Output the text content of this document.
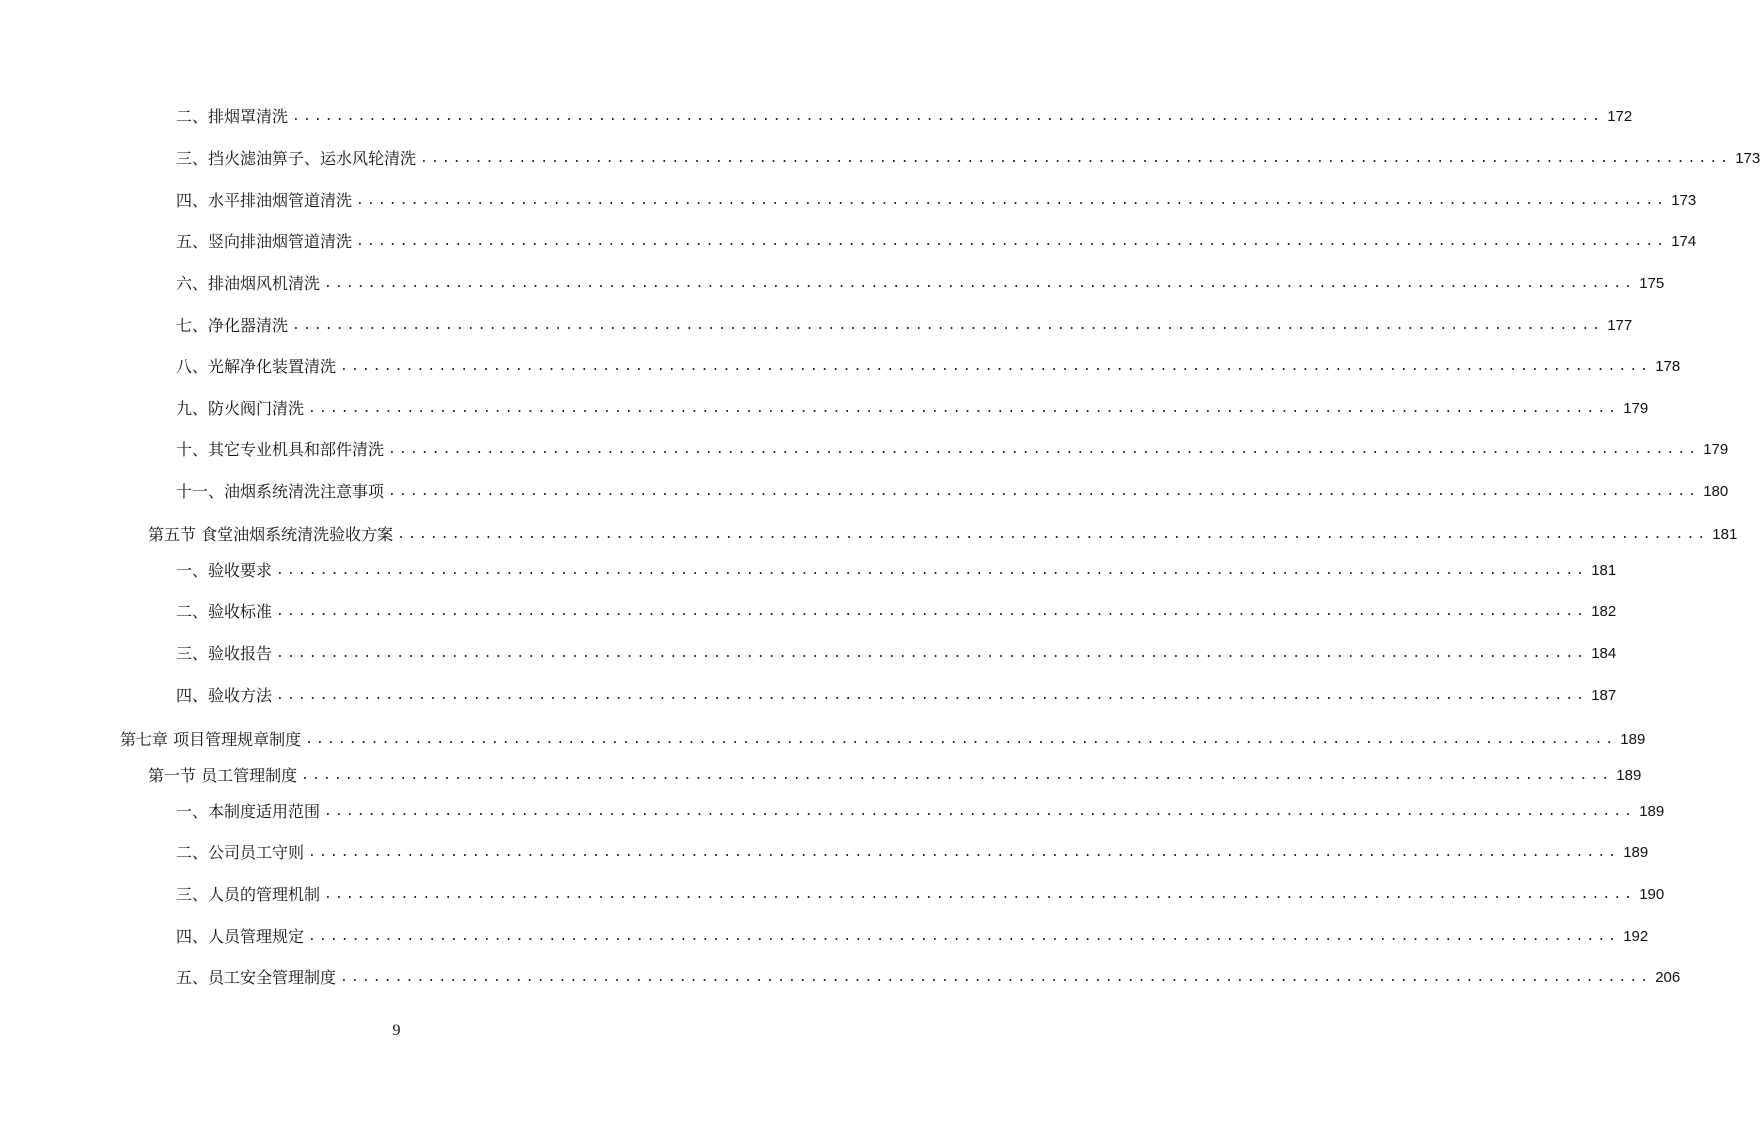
二、排烟罩清洗 ........................................................................................................................ 172
三、挡火滤油箅子、运水风轮清洗 ........................................................................................................................ 173
四、水平排油烟管道清洗 ........................................................................................................................ 173
五、竖向排油烟管道清洗 ........................................................................................................................ 174
六、排油烟风机清洗 ........................................................................................................................ 175
七、净化器清洗 ........................................................................................................................ 177
八、光解净化装置清洗 ........................................................................................................................ 178
九、防火阀门清洗 ........................................................................................................................ 179
十、其它专业机具和部件清洗 ........................................................................................................................ 179
十一、油烟系统清洗注意事项 ........................................................................................................................ 180
第五节 食堂油烟系统清洗验收方案 ........................................................................................................................ 181
一、验收要求 ........................................................................................................................ 181
二、验收标准 ........................................................................................................................ 182
三、验收报告 ........................................................................................................................ 184
四、验收方法 ........................................................................................................................ 187
第七章 项目管理规章制度 ........................................................................................................................ 189
第一节 员工管理制度 ........................................................................................................................ 189
一、本制度适用范围 ........................................................................................................................ 189
二、公司员工守则 ........................................................................................................................ 189
三、人员的管理机制 ........................................................................................................................ 190
四、人员管理规定 ........................................................................................................................ 192
五、员工安全管理制度 ........................................................................................................................ 206
9
